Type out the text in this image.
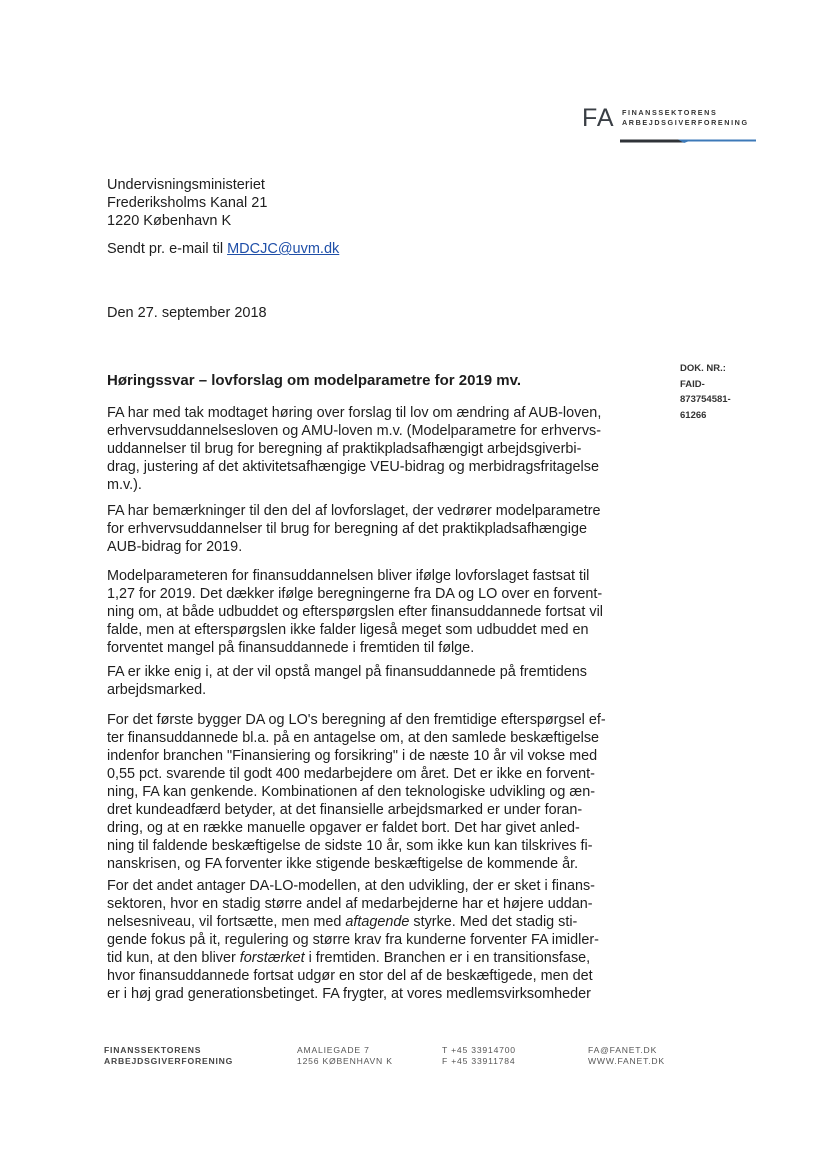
FA FINANSSEKTORENS
ARBEJDSGIVERFORENING
Undervisningsministeriet
Frederiksholms Kanal 21
1220 København K
Sendt pr. e-mail til MDCJC@uvm.dk
Den 27. september 2018
DOK. NR.:
FAID-
873754581-
61266
Høringssvar – lovforslag om modelparametre for 2019 mv.
FA har med tak modtaget høring over forslag til lov om ændring af AUB-loven,
erhvervsuddannelsesloven og AMU-loven m.v. (Modelparametre for erhvervs-
uddannelser til brug for beregning af praktikpladsafhængigt arbejdsgiverbi-
drag, justering af det aktivitetsafhængige VEU-bidrag og merbidragsfritagelse
m.v.).
FA har bemærkninger til den del af lovforslaget, der vedrører modelparametre
for erhvervsuddannelser til brug for beregning af det praktikpladsafhængige
AUB-bidrag for 2019.
Modelparameteren for finansuddannelsen bliver ifølge lovforslaget fastsat til
1,27 for 2019. Det dækker ifølge beregningerne fra DA og LO over en forvent-
ning om, at både udbuddet og efterspørgslen efter finansuddannede fortsat vil
falde, men at efterspørgslen ikke falder ligeså meget som udbuddet med en
forventet mangel på finansuddannede i fremtiden til følge.
FA er ikke enig i, at der vil opstå mangel på finansuddannede på fremtidens
arbejdsmarked.
For det første bygger DA og LO's beregning af den fremtidige efterspørgsel ef-
ter finansuddannede bl.a. på en antagelse om, at den samlede beskæftigelse
indenfor branchen "Finansiering og forsikring" i de næste 10 år vil vokse med
0,55 pct. svarende til godt 400 medarbejdere om året. Det er ikke en forvent-
ning, FA kan genkende. Kombinationen af den teknologiske udvikling og æn-
dret kundeadfærd betyder, at det finansielle arbejdsmarked er under foran-
dring, og at en række manuelle opgaver er faldet bort. Det har givet anled-
ning til faldende beskæftigelse de sidste 10 år, som ikke kun kan tilskrives fi-
nanskrisen, og FA forventer ikke stigende beskæftigelse de kommende år.
For det andet antager DA-LO-modellen, at den udvikling, der er sket i finans-
sektoren, hvor en stadig større andel af medarbejderne har et højere uddan-
nelsesniveau, vil fortsætte, men med aftagende styrke. Med det stadig sti-
gende fokus på it, regulering og større krav fra kunderne forventer FA imidler-
tid kun, at den bliver forstærket i fremtiden. Branchen er i en transitionsfase,
hvor finansuddannede fortsat udgør en stor del af de beskæftigede, men det
er i høj grad generationsbetinget. FA frygter, at vores medlemsvirksomheder
FINANSSEKTORENS
ARBEJDSGIVERFORENING
AMALIEGADE 7
1256 KØBENHAVN K
T +45 33914700
F +45 33911784
FA@FANET.DK
WWW.FANET.DK
